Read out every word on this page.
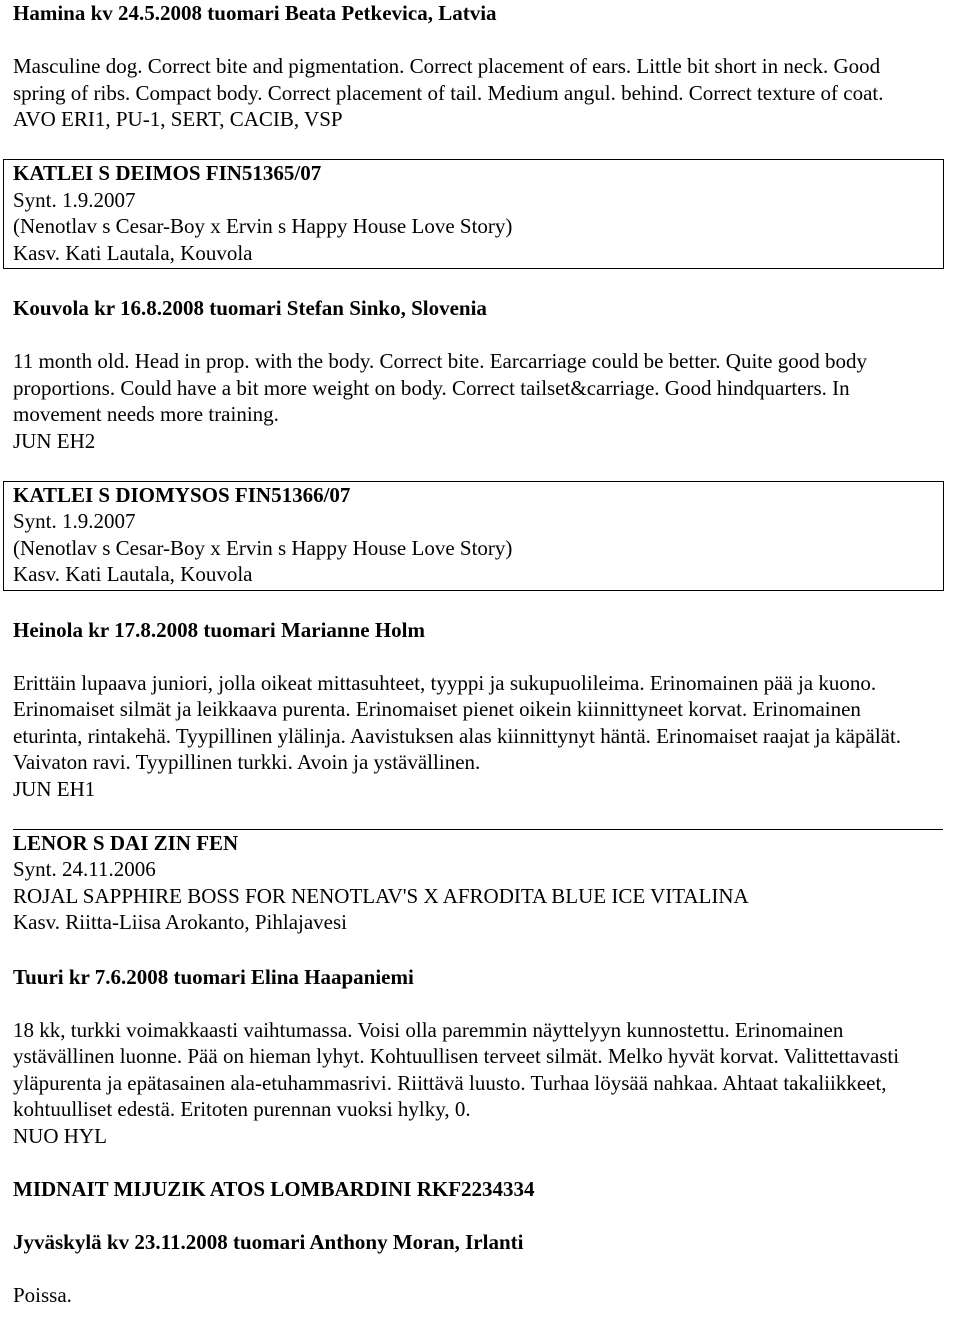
Hamina kv 24.5.2008 tuomari Beata Petkevica, Latvia

Masculine dog. Correct bite and pigmentation. Correct placement of ears. Little bit short in neck. Good spring of ribs. Compact body. Correct placement of tail. Medium angul. behind. Correct texture of coat.

AVO ERI1, PU-1, SERT, CACIB, VSP

KATLEI S DEIMOS FIN51365/07
Synt. 1.9.2007
(Nenotlav s Cesar-Boy x Ervin s Happy House Love Story)
Kasv. Kati Lautala, Kouvola

Kouvola kr 16.8.2008 tuomari Stefan Sinko, Slovenia

11 month old. Head in prop. with the body. Correct bite. Earcarriage could be better. Quite good body proportions. Could have a bit more weight on body. Correct tailset&carriage. Good hindquarters. In movement needs more training.

JUN EH2

KATLEI S DIOMYSOS FIN51366/07
Synt. 1.9.2007
(Nenotlav s Cesar-Boy x Ervin s Happy House Love Story)
Kasv. Kati Lautala, Kouvola

Heinola kr 17.8.2008 tuomari Marianne Holm

Erittäin lupaava juniori, jolla oikeat mittasuhteet, tyyppi ja sukupuolileima. Erinomainen pää ja kuono. Erinomaiset silmät ja leikkaava purenta. Erinomaiset pienet oikein kiinnittyneet korvat. Erinomainen eturinta, rintakehä. Tyypillinen ylälinja. Aavistuksen alas kiinnittynyt häntä. Erinomaiset raajat ja käpälät. Vaivaton ravi. Tyypillinen turkki. Avoin ja ystävällinen.

JUN EH1

LENOR S DAI ZIN FEN
Synt. 24.11.2006
ROJAL SAPPHIRE BOSS FOR NENOTLAV'S X AFRODITA BLUE ICE VITALINA
Kasv. Riitta-Liisa Arokanto, Pihlajavesi

Tuuri kr 7.6.2008 tuomari Elina Haapaniemi

18 kk, turkki voimakkaasti vaihtumassa. Voisi olla paremmin näyttelyyn kunnostettu. Erinomainen ystävällinen luonne. Pää on hieman lyhyt. Kohtuullisen terveet silmät. Melko hyvät korvat. Valittettavasti yläpurenta ja epätasainen ala-etuhammasrivi. Riittävä luusto. Turhaa löysää nahkaa. Ahtaat takaliikkeet, kohtuulliset edestä. Eritoten purennan vuoksi hylky, 0.

NUO HYL

MIDNAIT MIJUZIK ATOS LOMBARDINI RKF2234334

Jyväskylä kv 23.11.2008 tuomari Anthony Moran, Irlanti

Poissa.
